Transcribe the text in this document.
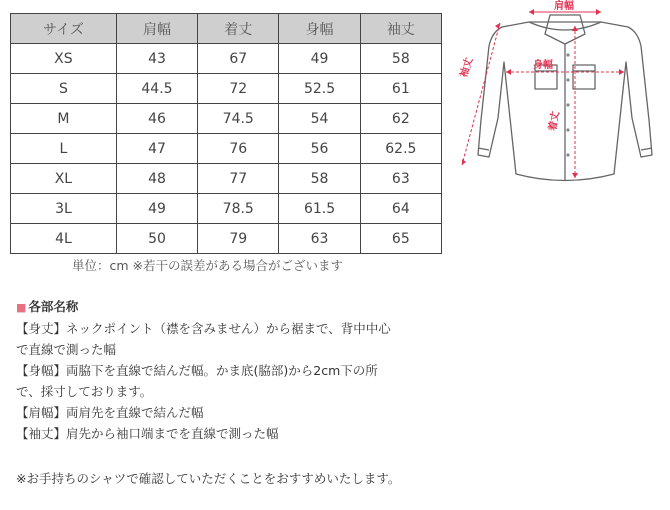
サイズ	肩幅	着丈	身幅	袖丈
XS	43	67	49	58
S	44.5	72	52.5	61
M	46	74.5	54	62
L	47	76	56	62.5
XL	48	77	58	63
3L	49	78.5	61.5	64
4L	50	79	63	65
単位：cm ※若干の誤差がある場合がございます
■ 各部名称
【身丈】ネックポイント（襟を含みません）から裾まで、背中中心
で直線で測った幅
【身幅】両脇下を直線で結んだ幅。かま底(脇部)から2cm下の所
で、採寸しております。
【肩幅】両肩先を直線で結んだ幅
【袖丈】肩先から袖口端までを直線で測った幅
※お手持ちのシャツで確認していただくことをおすすめいたします。
肩幅
身幅
袖丈
着丈
